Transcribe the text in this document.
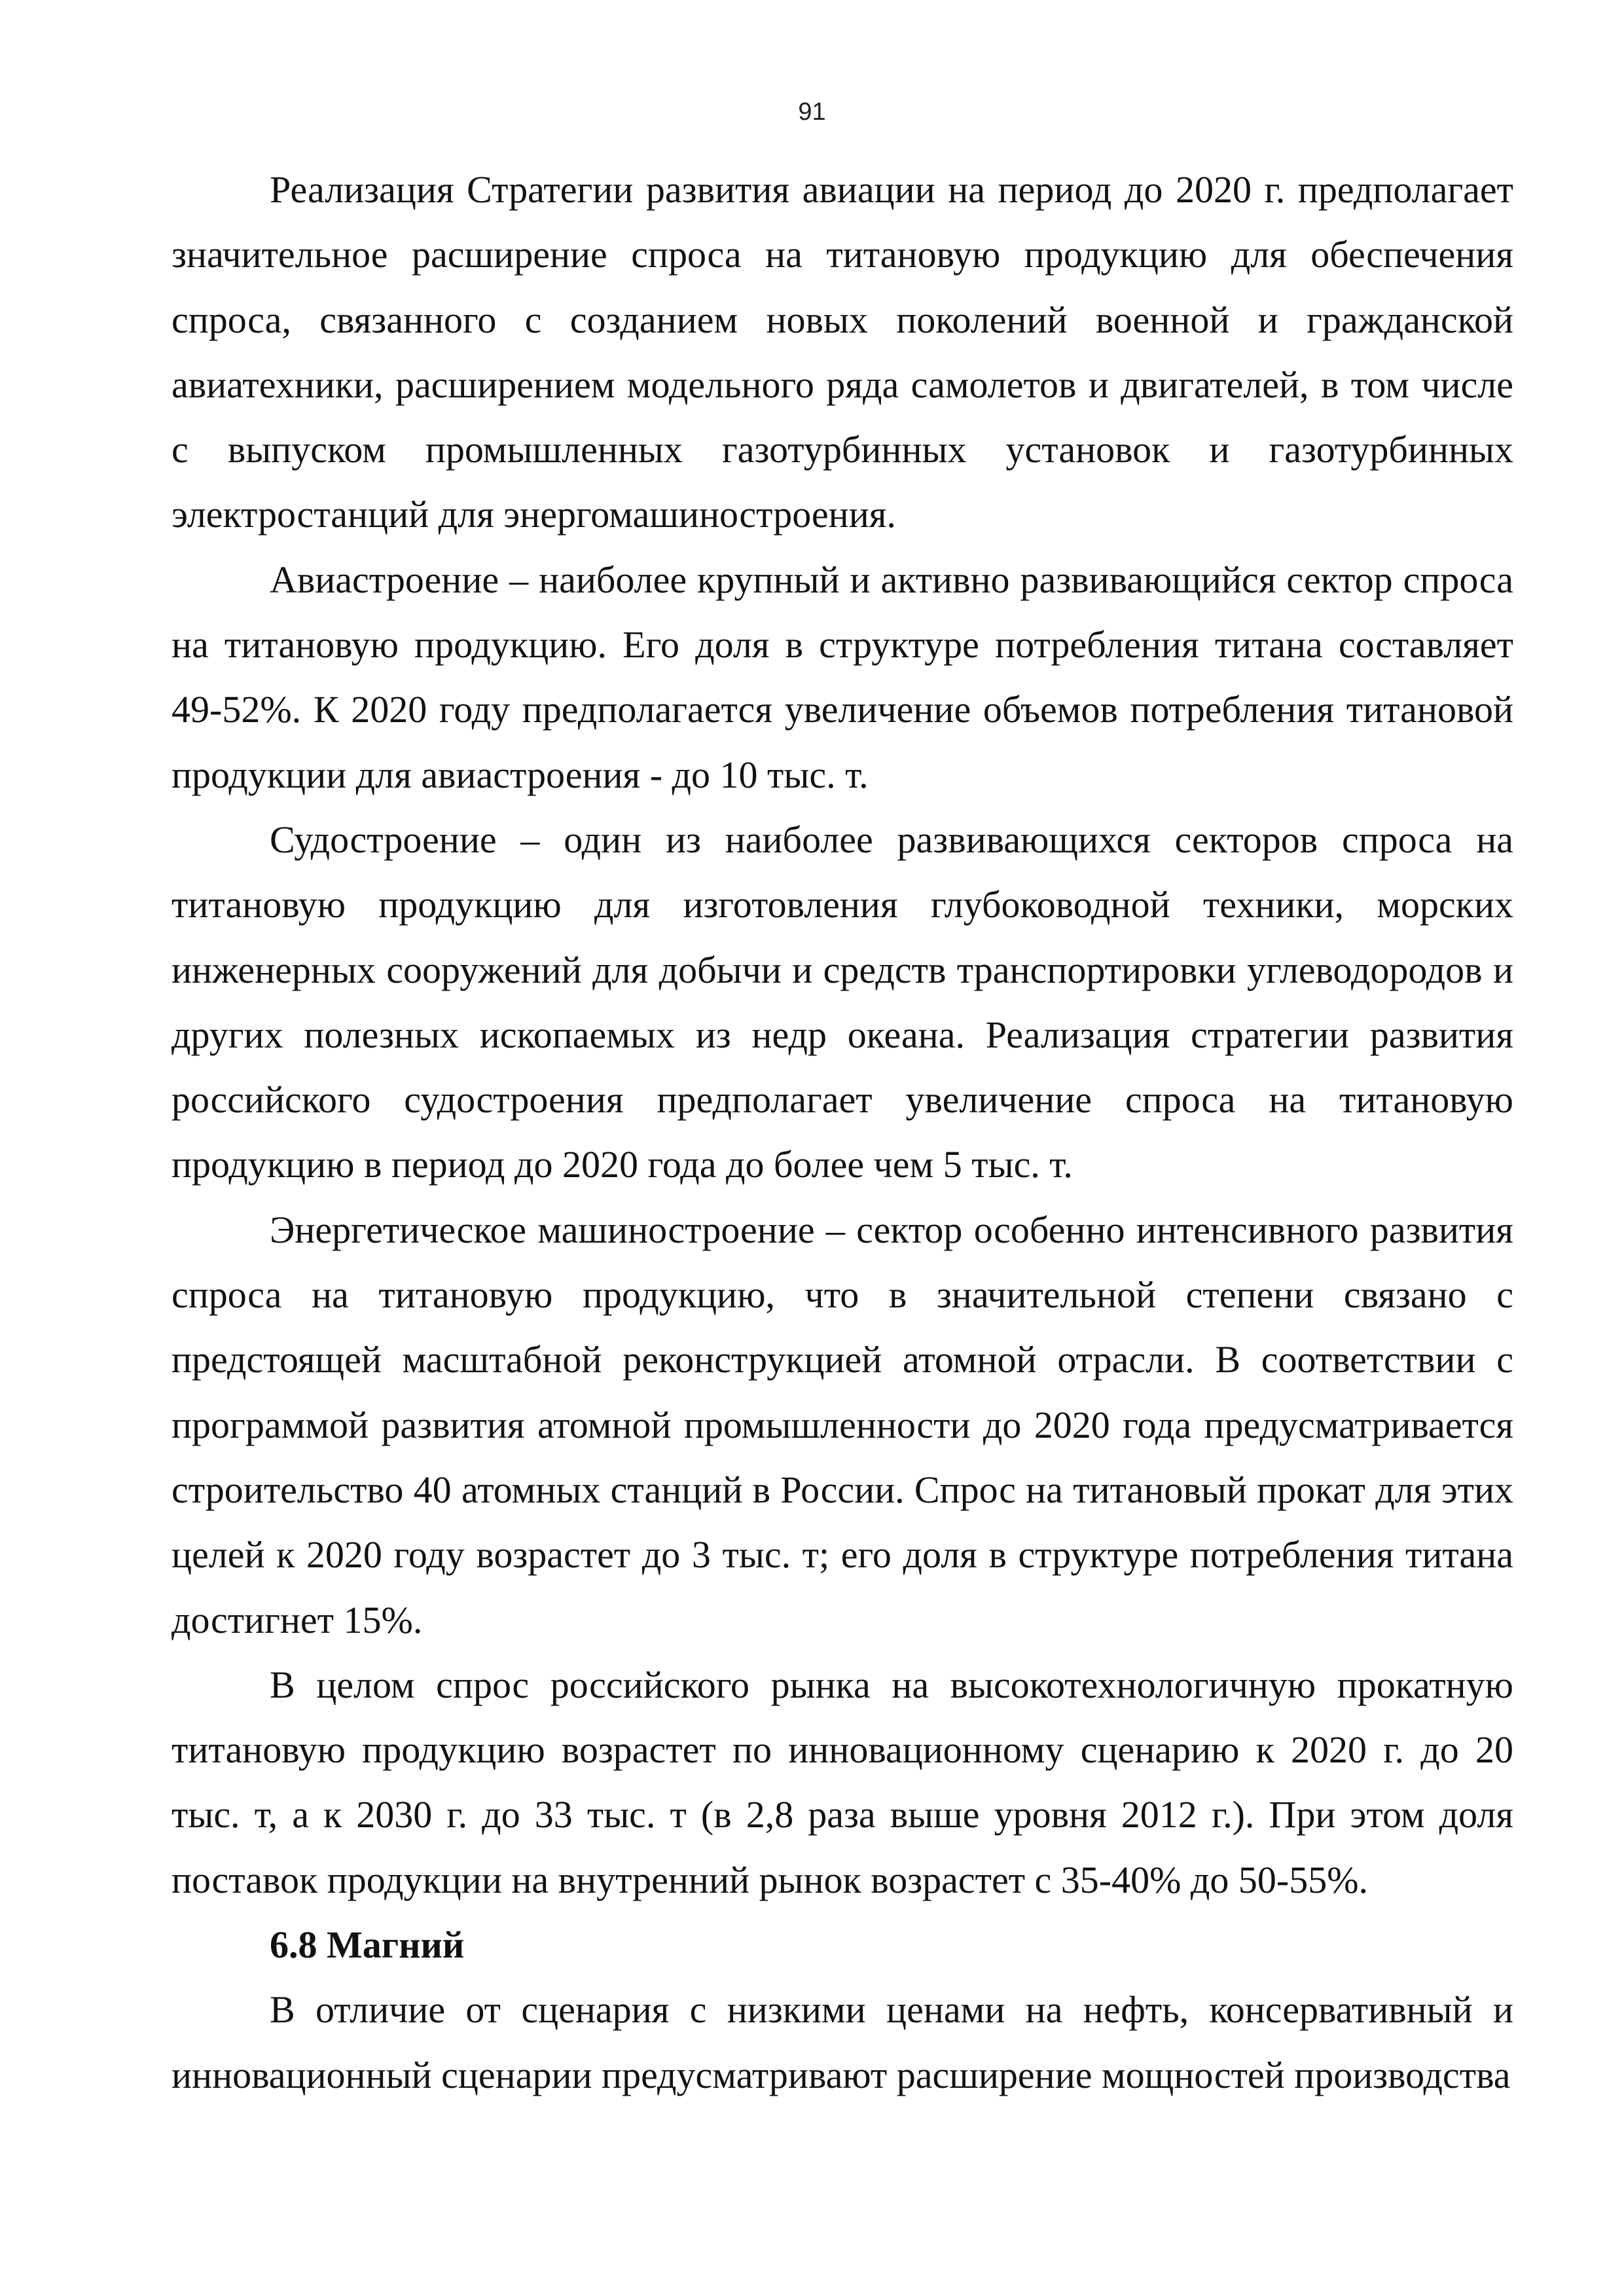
91

Реализация Стратегии развития авиации на период до 2020 г. предполагает значительное расширение спроса на титановую продукцию для обеспечения спроса, связанного с созданием новых поколений военной и гражданской авиатехники, расширением модельного ряда самолетов и двигателей, в том числе с выпуском промышленных газотурбинных установок и газотурбинных электростанций для энергомашиностроения.

Авиастроение – наиболее крупный и активно развивающийся сектор спроса на титановую продукцию. Его доля в структуре потребления титана составляет 49-52%. К 2020 году предполагается увеличение объемов потребления титановой продукции для авиастроения - до 10 тыс. т.

Судостроение – один из наиболее развивающихся секторов спроса на титановую продукцию для изготовления глубоководной техники, морских инженерных сооружений для добычи и средств транспортировки углеводородов и других полезных ископаемых из недр океана. Реализация стратегии развития российского судостроения предполагает увеличение спроса на титановую продукцию в период до 2020 года до более чем 5 тыс. т.

Энергетическое машиностроение – сектор особенно интенсивного развития спроса на титановую продукцию, что в значительной степени связано с предстоящей масштабной реконструкцией атомной отрасли. В соответствии с программой развития атомной промышленности до 2020 года предусматривается строительство 40 атомных станций в России. Спрос на титановый прокат для этих целей к 2020 году возрастет до 3 тыс. т; его доля в структуре потребления титана достигнет 15%.

В целом спрос российского рынка на высокотехнологичную прокатную титановую продукцию возрастет по инновационному сценарию к 2020 г. до 20 тыс. т, а к 2030 г. до 33 тыс. т (в 2,8 раза выше уровня 2012 г.). При этом доля поставок продукции на внутренний рынок возрастет с 35-40% до 50-55%.

6.8 Магний

В отличие от сценария с низкими ценами на нефть, консервативный и инновационный сценарии предусматривают расширение мощностей производства
